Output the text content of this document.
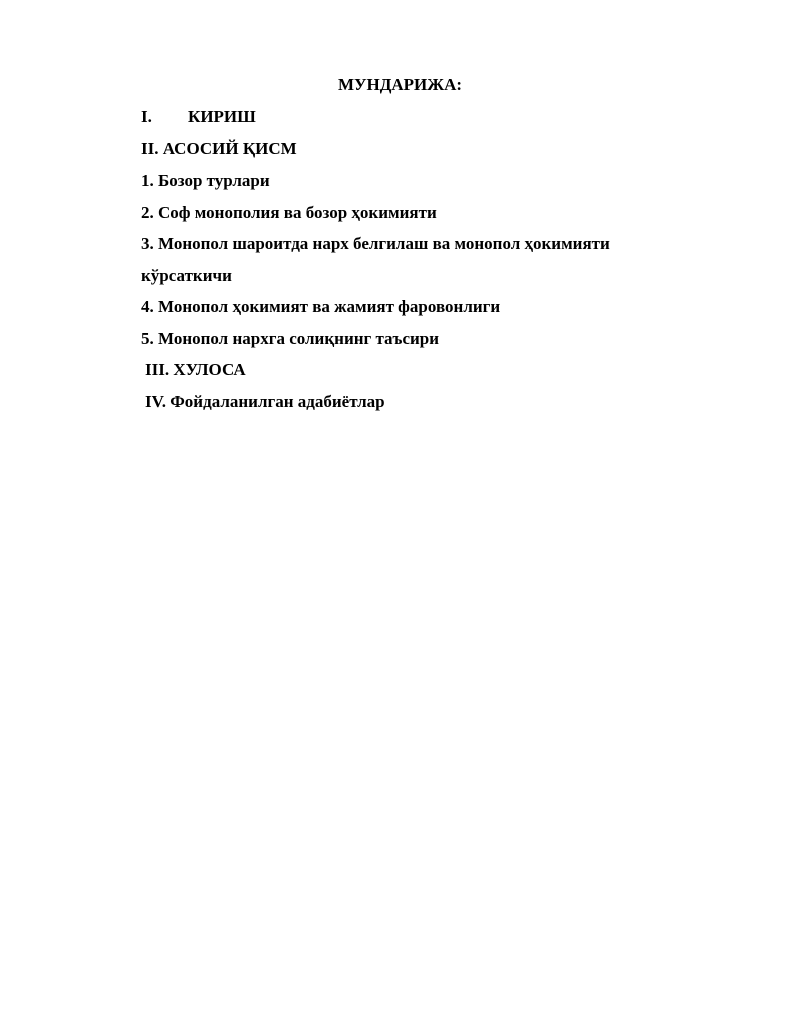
МУНДАРИЖА:
I. КИРИШ
II. АСОСИЙ ҚИСМ
1. Бозор турлари
2. Соф монополия ва бозор ҳокимияти
3. Монопол шароитда нарх белгилаш ва монопол ҳокимияти
кўрсаткичи
4. Монопол ҳокимият ва жамият фаровонлиги
5. Монопол нархга солиқнинг таъсири
III. ХУЛОСА
IV. Фойдаланилган адабиётлар
